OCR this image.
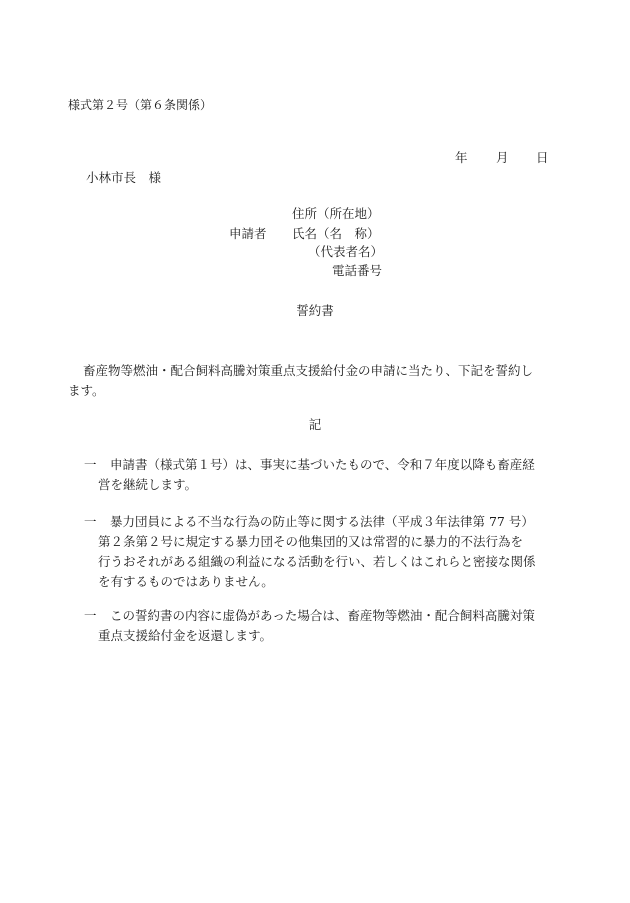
様式第２号（第６条関係）
年 月 日
小林市長　様
住所（所在地）
申請者 氏名（名　称）
（代表者名）
電話番号
誓約書
畜産物等燃油・配合飼料高騰対策重点支援給付金の申請に当たり、下記を誓約し
ます。
記
一 申請書（様式第１号）は、事実に基づいたもので、令和７年度以降も畜産経
営を継続します。
一 暴力団員による不当な行為の防止等に関する法律（平成３年法律第 77 号）
第２条第２号に規定する暴力団その他集団的又は常習的に暴力的不法行為を
行うおそれがある組織の利益になる活動を行い、若しくはこれらと密接な関係
を有するものではありません。
一 この誓約書の内容に虚偽があった場合は、畜産物等燃油・配合飼料高騰対策
重点支援給付金を返還します。
